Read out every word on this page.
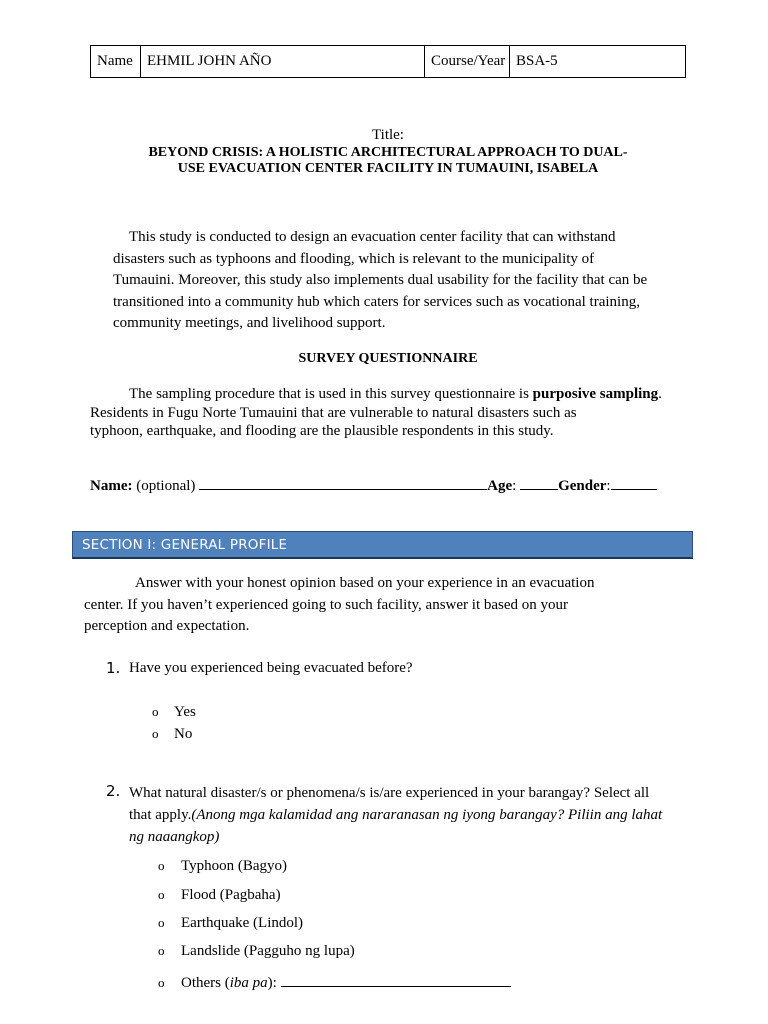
Name EHMIL JOHN AÑO	Course/Year BSA-5
Title:
BEYOND CRISIS: A HOLISTIC ARCHITECTURAL APPROACH TO DUAL-
USE EVACUATION CENTER FACILITY IN TUMAUINI, ISABELA
This study is conducted to design an evacuation center facility that can withstand
disasters such as typhoons and flooding, which is relevant to the municipality of
Tumauini. Moreover, this study also implements dual usability for the facility that can be
transitioned into a community hub which caters for services such as vocational training,
community meetings, and livelihood support.
SURVEY QUESTIONNAIRE
The sampling procedure that is used in this survey questionnaire is purposive sampling.
Residents in Fugu Norte Tumauini that are vulnerable to natural disasters such as
typhoon, earthquake, and flooding are the plausible respondents in this study.
Name: (optional)	Age:	Gender:
SECTION I: GENERAL PROFILE
Answer with your honest opinion based on your experience in an evacuation
center. If you haven’t experienced going to such facility, answer it based on your
perception and expectation.
1. Have you experienced being evacuated before?
o Yes
o No
2. What natural disaster/s or phenomena/s is/are experienced in your barangay? Select all
that apply.(Anong mga kalamidad ang nararanasan ng iyong barangay? Piliin ang lahat
ng naaangkop)
o Typhoon (Bagyo)
o Flood (Pagbaha)
o Earthquake (Lindol)
o Landslide (Pagguho ng lupa)
o Others (iba pa):
